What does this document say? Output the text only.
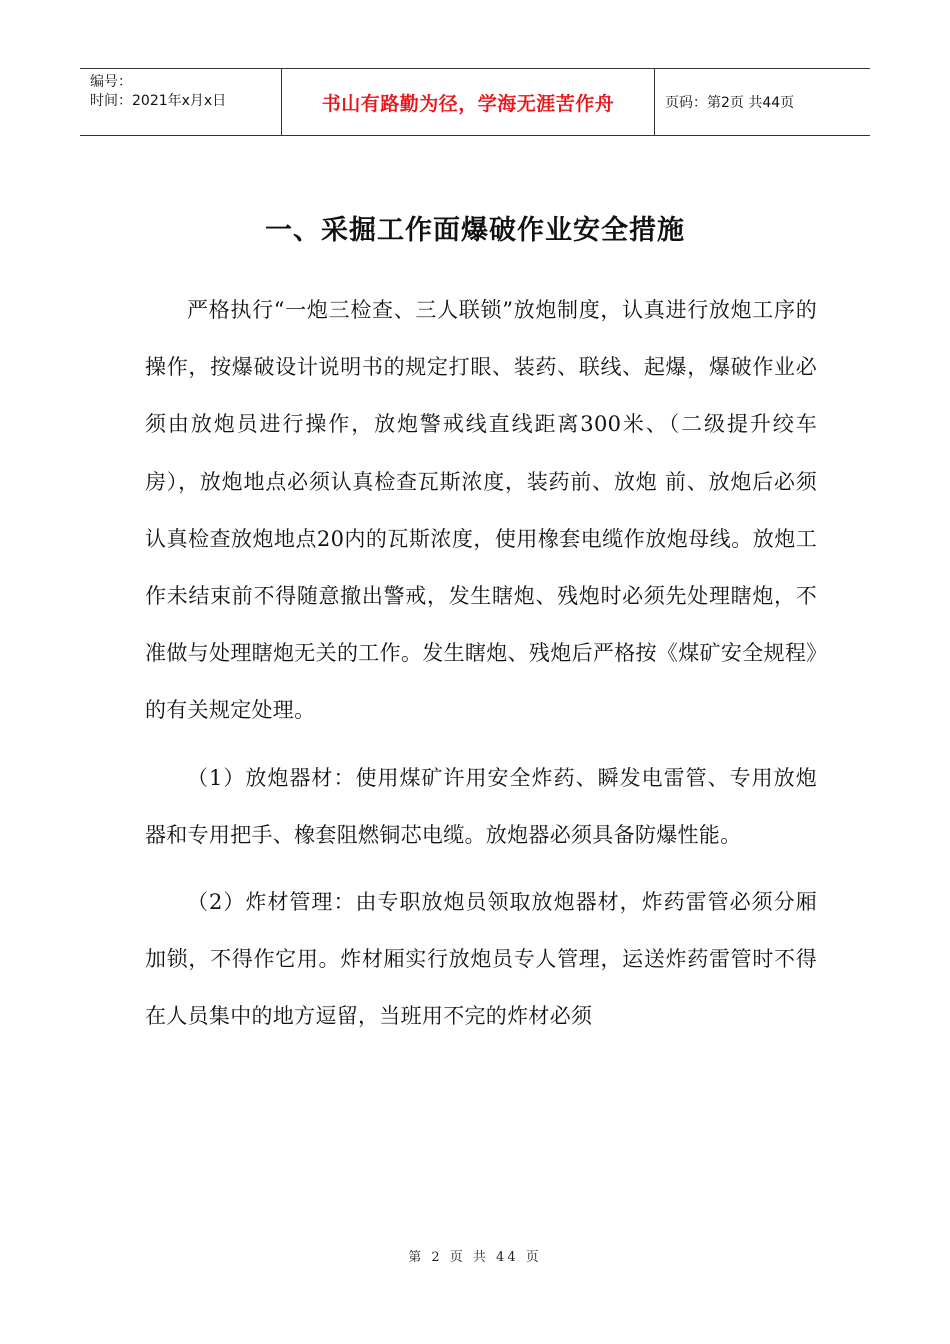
编号：
时间：2021年x月x日	书山有路勤为径，学海无涯苦作舟	页码：第2页 共44页
一、采掘工作面爆破作业安全措施

严格执行“一炮三检查、三人联锁”放炮制度，认真进行放炮工序的操作，按爆破设计说明书的规定打眼、装药、联线、起爆，爆破作业必须由放炮员进行操作，放炮警戒线直线距离300米、（二级提升绞车房），放炮地点必须认真检查瓦斯浓度，装药前、放炮 前、放炮后必须认真检查放炮地点20内的瓦斯浓度，使用橡套电缆作放炮母线。放炮工作未结束前不得随意撤出警戒，发生瞎炮、残炮时必须先处理瞎炮，不准做与处理瞎炮无关的工作。发生瞎炮、残炮后严格按《煤矿安全规程》的有关规定处理。

（1）放炮器材：使用煤矿许用安全炸药、瞬发电雷管、专用放炮器和专用把手、橡套阻燃铜芯电缆。放炮器必须具备防爆性能。

（2）炸材管理：由专职放炮员领取放炮器材，炸药雷管必须分厢加锁，不得作它用。炸材厢实行放炮员专人管理，运送炸药雷管时不得在人员集中的地方逗留，当班用不完的炸材必须

第 2 页 共 44 页
